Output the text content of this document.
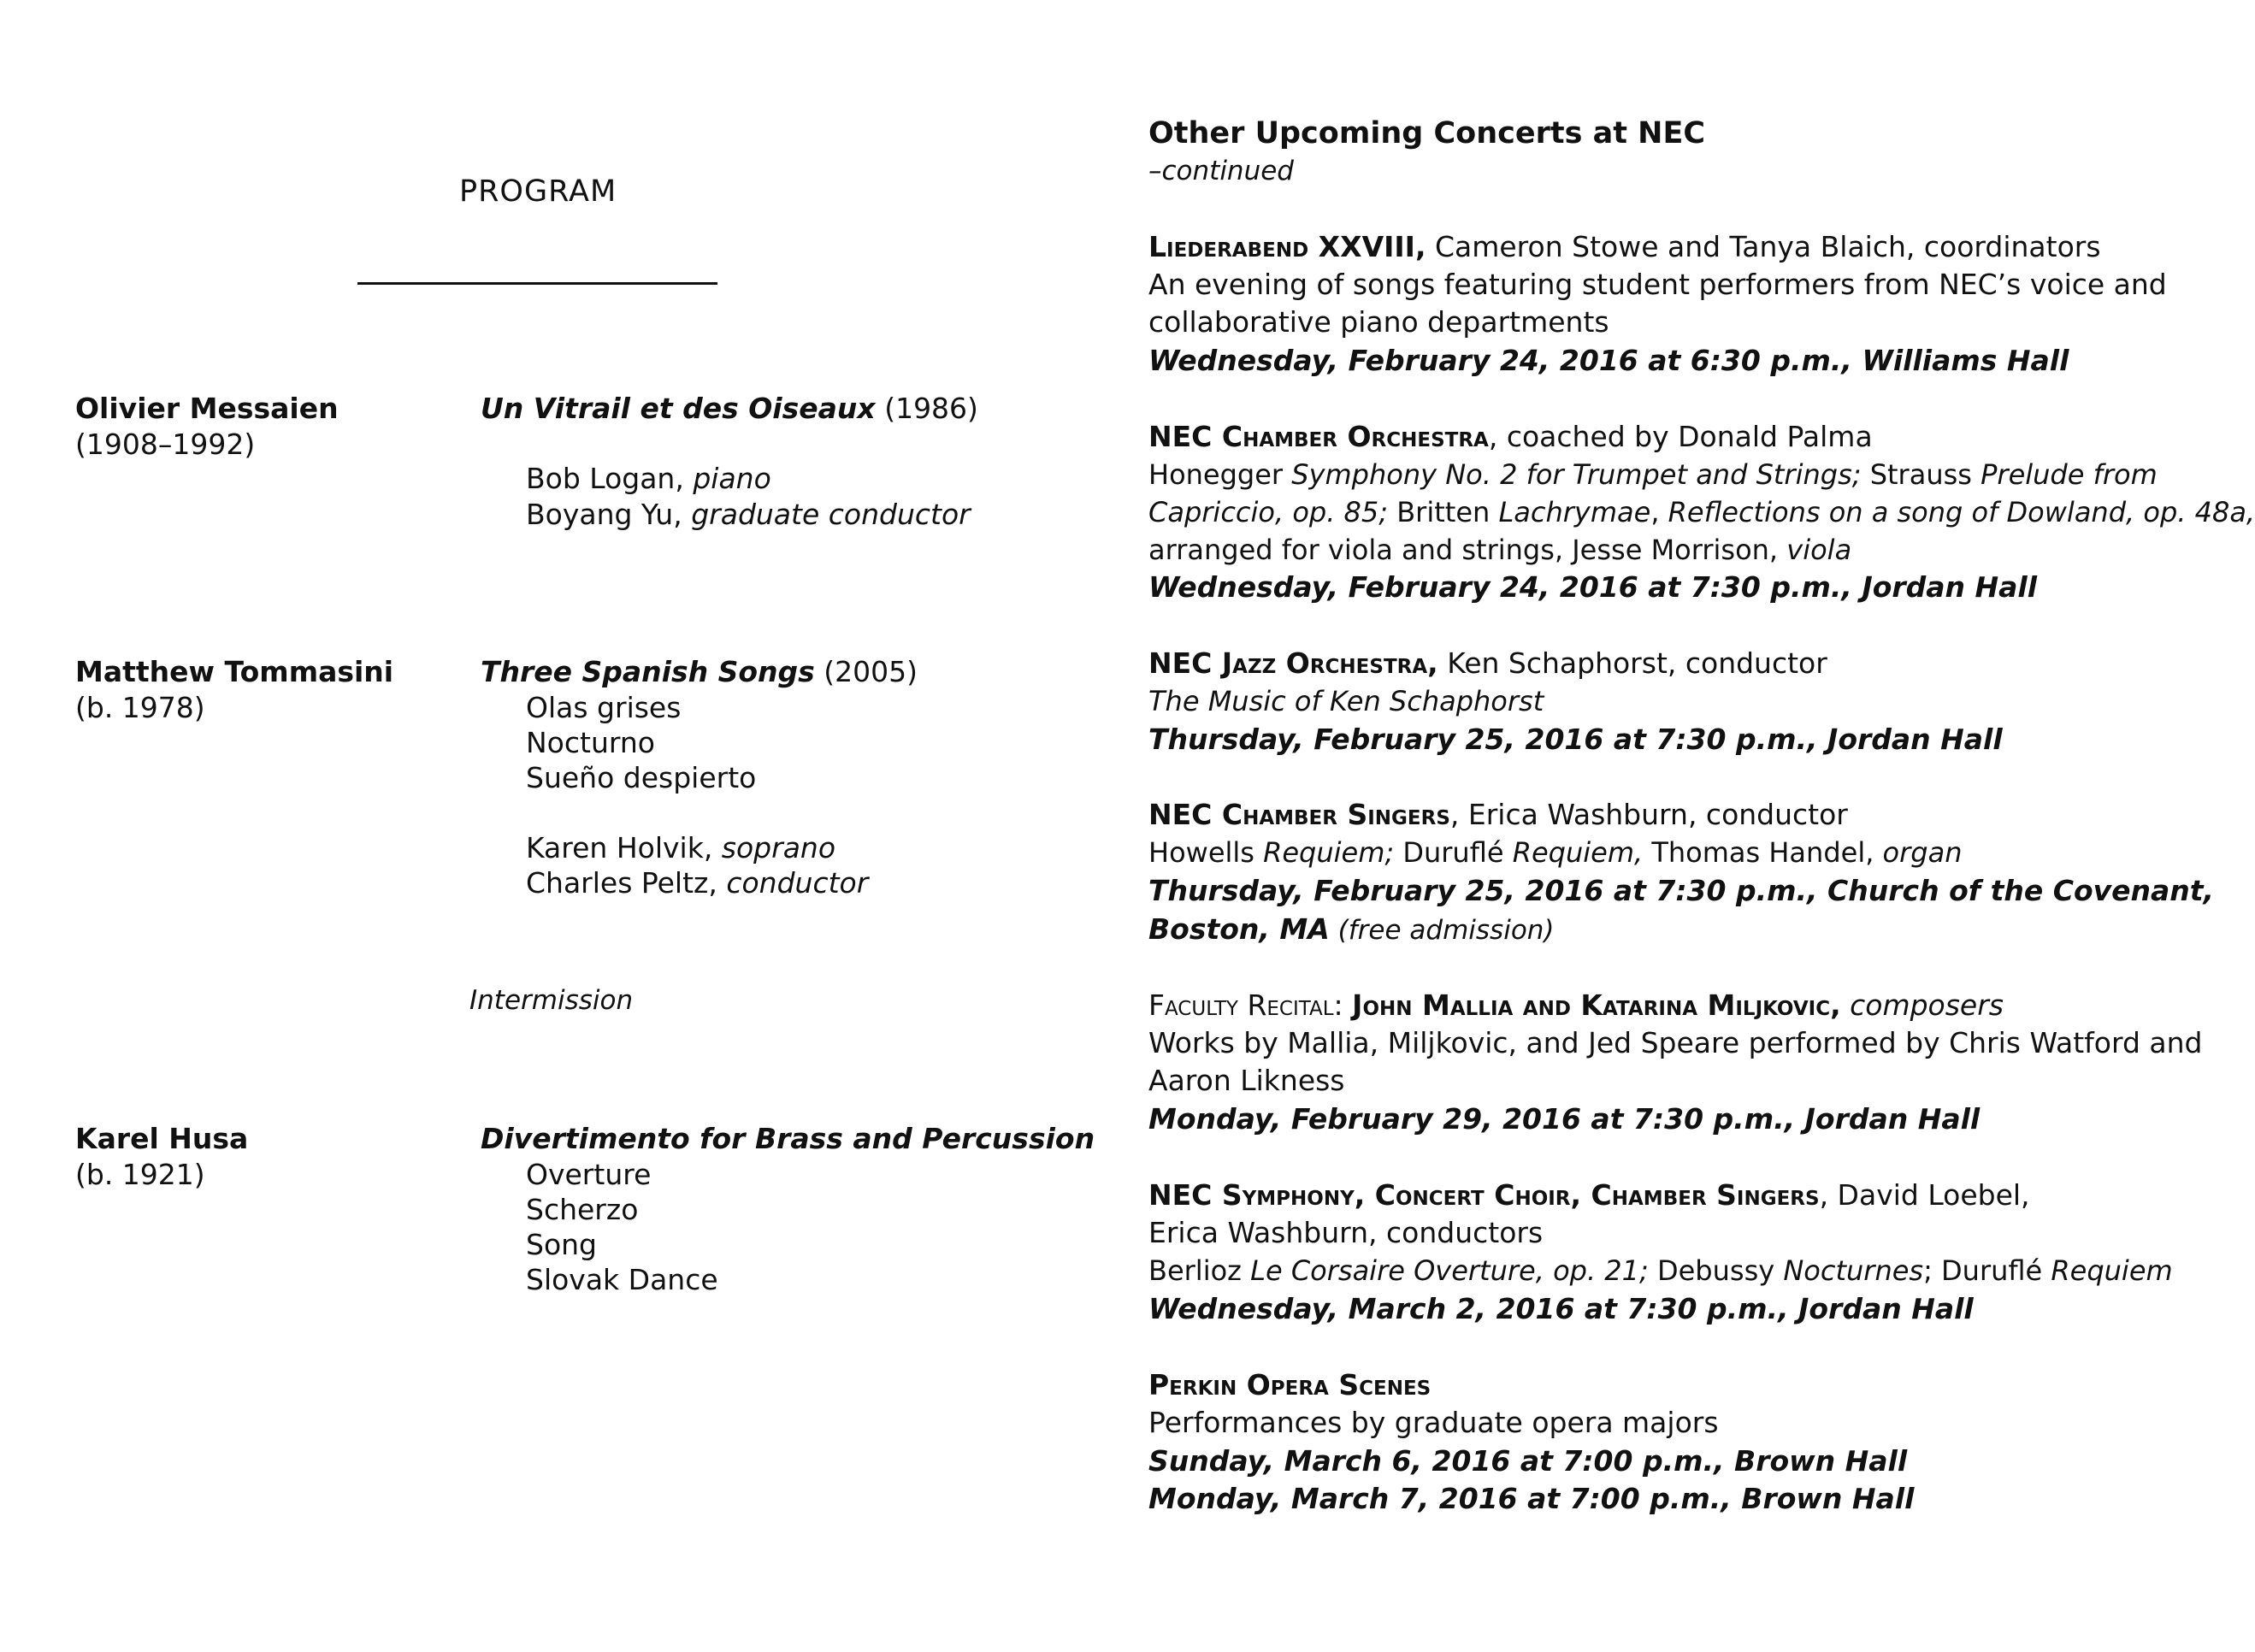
PROGRAM
Olivier Messaien
(1908–1992)
Un Vitrail et des Oiseaux (1986)
Bob Logan, piano
Boyang Yu, graduate conductor
Matthew Tommasini
(b. 1978)
Three Spanish Songs (2005)
Olas grises
Nocturno
Sueño despierto
Karen Holvik, soprano
Charles Peltz, conductor
Intermission
Karel Husa
(b. 1921)
Divertimento for Brass and Percussion
Overture
Scherzo
Song
Slovak Dance
Other Upcoming Concerts at NEC
–continued
Liederabend XXVIII, Cameron Stowe and Tanya Blaich, coordinators
An evening of songs featuring student performers from NEC’s voice and
collaborative piano departments
Wednesday, February 24, 2016 at 6:30 p.m., Williams Hall
NEC Chamber Orchestra, coached by Donald Palma
Honegger Symphony No. 2 for Trumpet and Strings; Strauss Prelude from
Capriccio, op. 85; Britten Lachrymae, Reflections on a song of Dowland, op. 48a,
arranged for viola and strings, Jesse Morrison, viola
Wednesday, February 24, 2016 at 7:30 p.m., Jordan Hall
NEC Jazz Orchestra, Ken Schaphorst, conductor
The Music of Ken Schaphorst
Thursday, February 25, 2016 at 7:30 p.m., Jordan Hall
NEC Chamber Singers, Erica Washburn, conductor
Howells Requiem; Duruflé Requiem, Thomas Handel, organ
Thursday, February 25, 2016 at 7:30 p.m., Church of the Covenant,
Boston, MA (free admission)
Faculty Recital: John Mallia and Katarina Miljkovic, composers
Works by Mallia, Miljkovic, and Jed Speare performed by Chris Watford and
Aaron Likness
Monday, February 29, 2016 at 7:30 p.m., Jordan Hall
NEC Symphony, Concert Choir, Chamber Singers, David Loebel,
Erica Washburn, conductors
Berlioz Le Corsaire Overture, op. 21; Debussy Nocturnes; Duruflé Requiem
Wednesday, March 2, 2016 at 7:30 p.m., Jordan Hall
Perkin Opera Scenes
Performances by graduate opera majors
Sunday, March 6, 2016 at 7:00 p.m., Brown Hall
Monday, March 7, 2016 at 7:00 p.m., Brown Hall
